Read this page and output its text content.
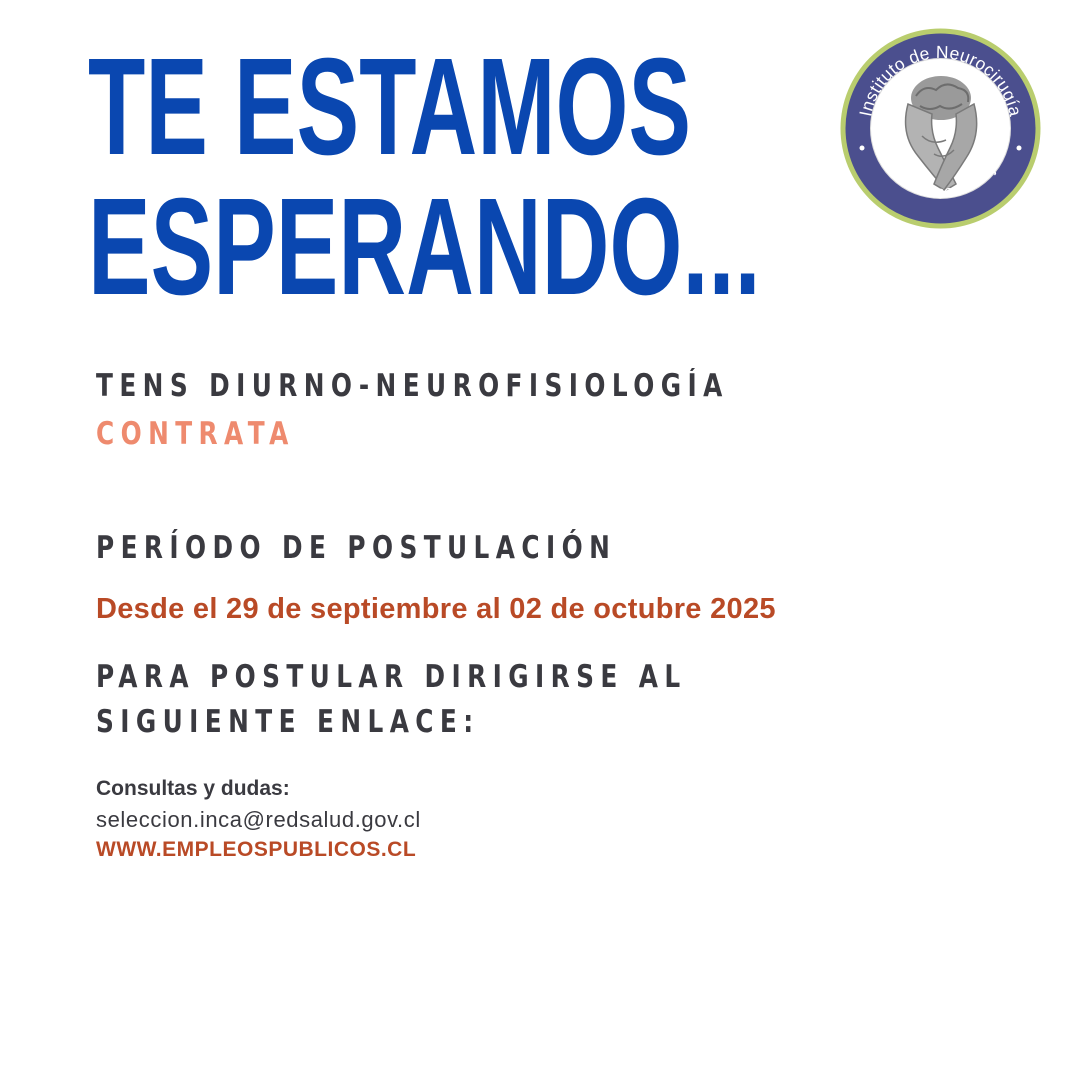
TE ESTAMOS
ESPERANDO...
Instituto de Neurocirugía
Dr. Alfonso Asenjo
TENS DIURNO-NEUROFISIOLOGÍA
CONTRATA
PERÍODO DE POSTULACIÓN
Desde el 29 de septiembre al 02 de octubre 2025
PARA POSTULAR DIRIGIRSE AL
SIGUIENTE ENLACE:
Consultas y dudas:
seleccion.inca@redsalud.gov.cl
WWW.EMPLEOSPUBLICOS.CL
